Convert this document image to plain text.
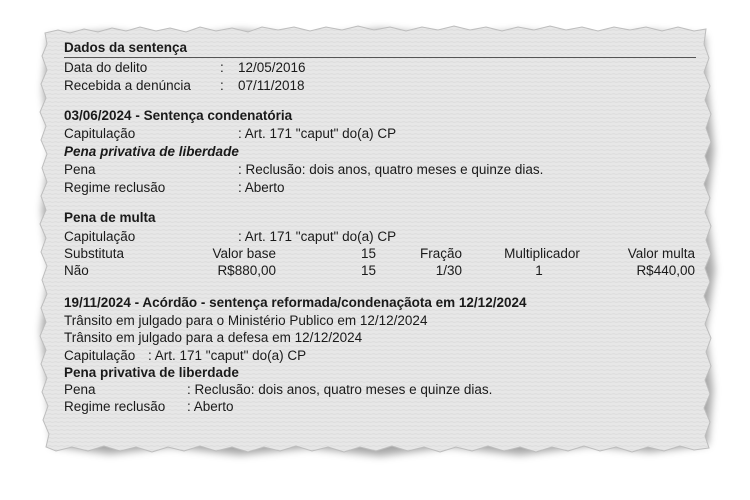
Dados da sentença
Data do delito	: 12/05/2016
Recebida a denúncia : 07/11/2018
03/06/2024 - Sentença condenatória
Capitulação	: Art. 171 "caput" do(a) CP
Pena privativa de liberdade
Pena	: Reclusão: dois anos, quatro meses e quinze dias.
Regime reclusão	: Aberto
Pena de multa
Capitulação	: Art. 171 "caput" do(a) CP
Substituta	Valor base	15	Fração	Multiplicador	Valor multa
Não	R$880,00	15	1/30	1	R$440,00
19/11/2024 - Acórdão - sentença reformada/condenaçãota em 12/12/2024
Trânsito em julgado para o Ministério Publico em 12/12/2024
Trânsito em julgado para a defesa em 12/12/2024
Capitulação : Art. 171 "caput" do(a) CP
Pena privativa de liberdade
Pena	: Reclusão: dois anos, quatro meses e quinze dias.
Regime reclusão : Aberto
